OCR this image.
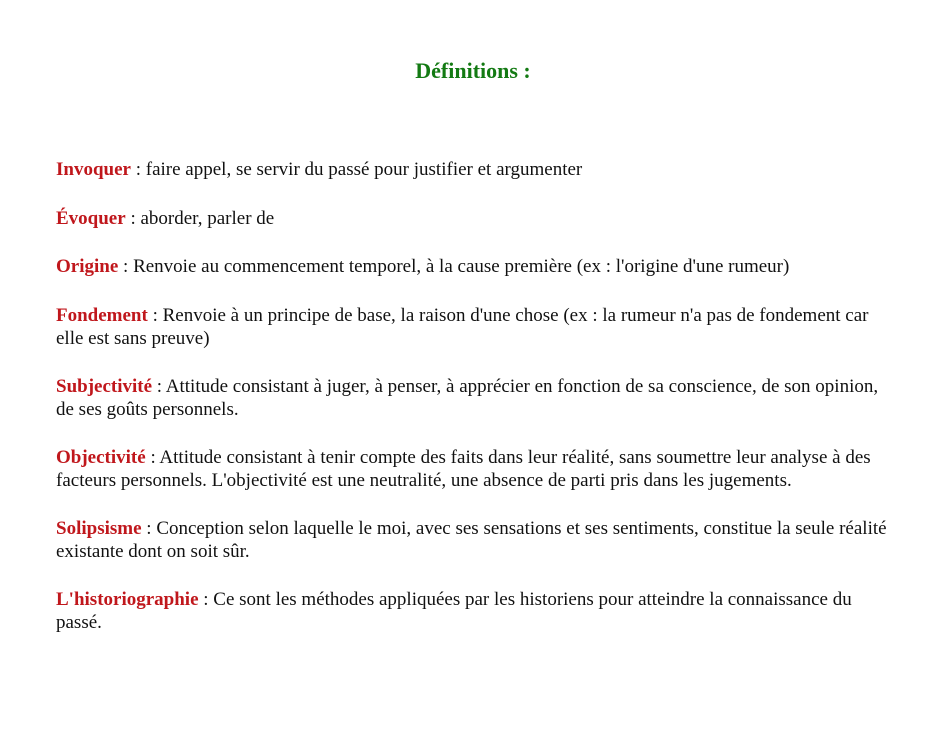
Définitions :

Invoquer : faire appel, se servir du passé pour justifier et argumenter

Évoquer : aborder, parler de

Origine : Renvoie au commencement temporel, à la cause première (ex : l'origine d'une rumeur)

Fondement : Renvoie à un principe de base, la raison d'une chose (ex : la rumeur n'a pas de fondement car elle est sans preuve)

Subjectivité : Attitude consistant à juger, à penser, à apprécier en fonction de sa conscience, de son opinion, de ses goûts personnels.

Objectivité : Attitude consistant à tenir compte des faits dans leur réalité, sans soumettre leur analyse à des facteurs personnels. L'objectivité est une neutralité, une absence de parti pris dans les jugements.

Solipsisme : Conception selon laquelle le moi, avec ses sensations et ses sentiments, constitue la seule réalité existante dont on soit sûr.

L'historiographie : Ce sont les méthodes appliquées par les historiens pour atteindre la connaissance du passé.
